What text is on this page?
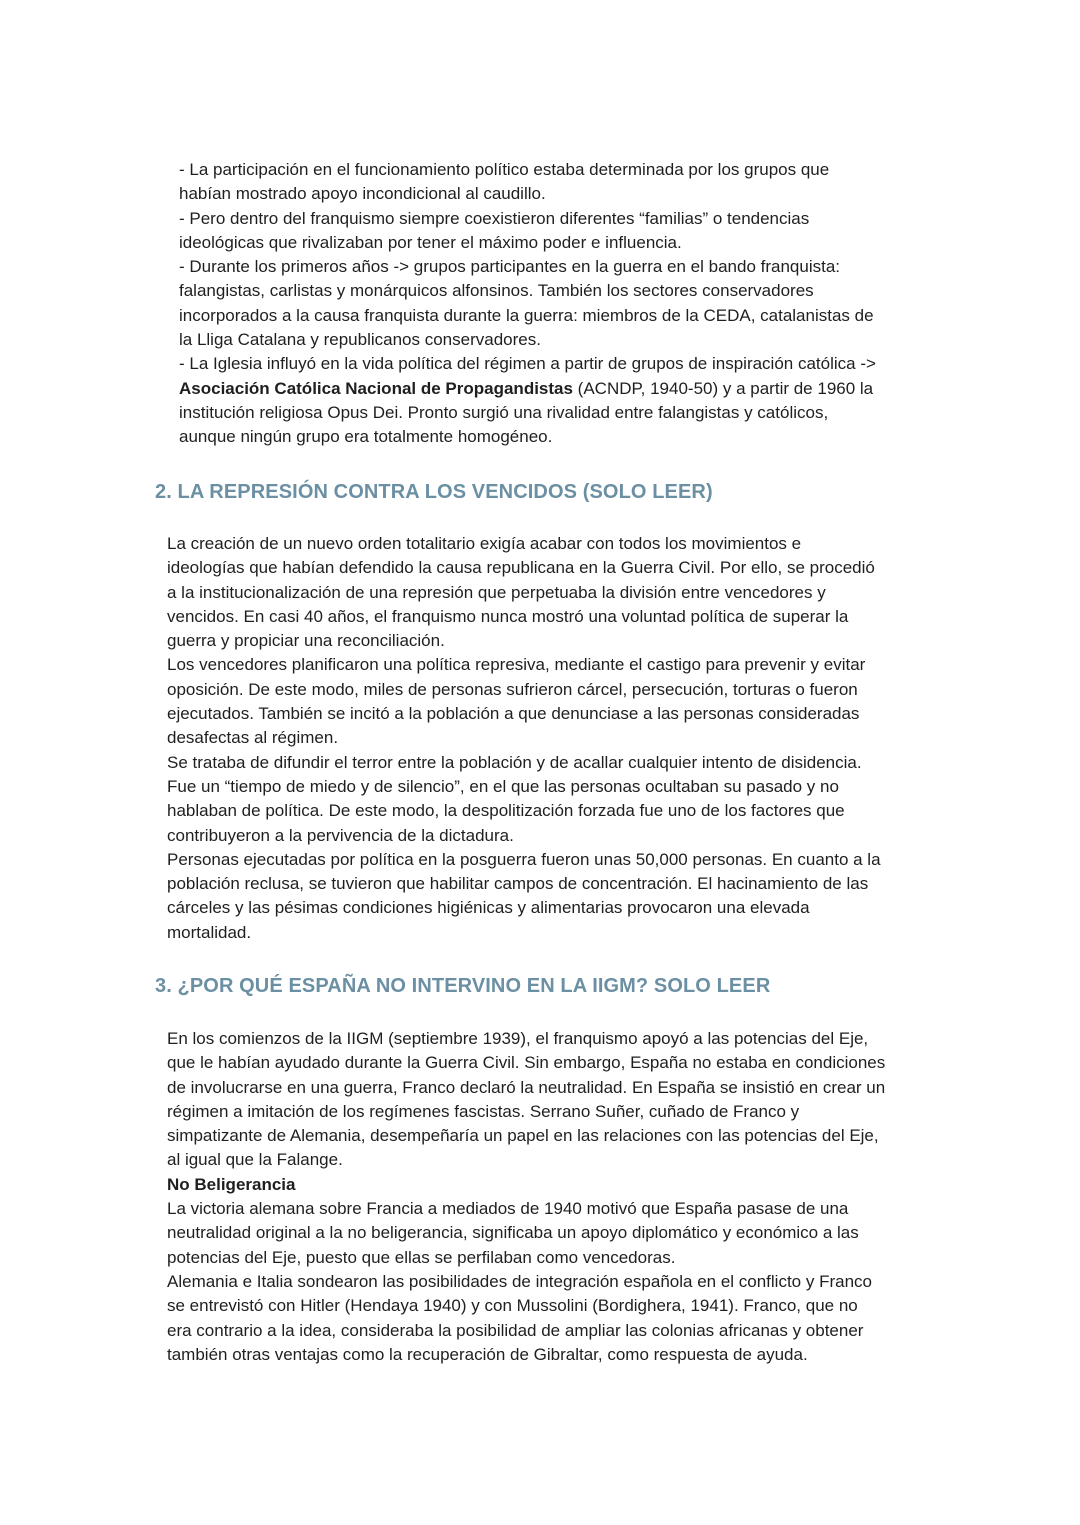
- La participación en el funcionamiento político estaba determinada por los grupos que
habían mostrado apoyo incondicional al caudillo.
- Pero dentro del franquismo siempre coexistieron diferentes “familias” o tendencias
ideológicas que rivalizaban por tener el máximo poder e influencia.
- Durante los primeros años -> grupos participantes en la guerra en el bando franquista:
falangistas, carlistas y monárquicos alfonsinos. También los sectores conservadores
incorporados a la causa franquista durante la guerra: miembros de la CEDA, catalanistas de
la Lliga Catalana y republicanos conservadores.
- La Iglesia influyó en la vida política del régimen a partir de grupos de inspiración católica ->
Asociación Católica Nacional de Propagandistas (ACNDP, 1940-50) y a partir de 1960 la
institución religiosa Opus Dei. Pronto surgió una rivalidad entre falangistas y católicos,
aunque ningún grupo era totalmente homogéneo.
2. LA REPRESIÓN CONTRA LOS VENCIDOS (SOLO LEER)
La creación de un nuevo orden totalitario exigía acabar con todos los movimientos e
ideologías que habían defendido la causa republicana en la Guerra Civil. Por ello, se procedió
a la institucionalización de una represión que perpetuaba la división entre vencedores y
vencidos. En casi 40 años, el franquismo nunca mostró una voluntad política de superar la
guerra y propiciar una reconciliación.
Los vencedores planificaron una política represiva, mediante el castigo para prevenir y evitar
oposición. De este modo, miles de personas sufrieron cárcel, persecución, torturas o fueron
ejecutados. También se incitó a la población a que denunciase a las personas consideradas
desafectas al régimen.
Se trataba de difundir el terror entre la población y de acallar cualquier intento de disidencia.
Fue un “tiempo de miedo y de silencio”, en el que las personas ocultaban su pasado y no
hablaban de política. De este modo, la despolitización forzada fue uno de los factores que
contribuyeron a la pervivencia de la dictadura.
Personas ejecutadas por política en la posguerra fueron unas 50,000 personas. En cuanto a la
población reclusa, se tuvieron que habilitar campos de concentración. El hacinamiento de las
cárceles y las pésimas condiciones higiénicas y alimentarias provocaron una elevada
mortalidad.
3. ¿POR QUÉ ESPAÑA NO INTERVINO EN LA IIGM? SOLO LEER
En los comienzos de la IIGM (septiembre 1939), el franquismo apoyó a las potencias del Eje,
que le habían ayudado durante la Guerra Civil. Sin embargo, España no estaba en condiciones
de involucrarse en una guerra, Franco declaró la neutralidad. En España se insistió en crear un
régimen a imitación de los regímenes fascistas. Serrano Suñer, cuñado de Franco y
simpatizante de Alemania, desempeñaría un papel en las relaciones con las potencias del Eje,
al igual que la Falange.
No Beligerancia
La victoria alemana sobre Francia a mediados de 1940 motivó que España pasase de una
neutralidad original a la no beligerancia, significaba un apoyo diplomático y económico a las
potencias del Eje, puesto que ellas se perfilaban como vencedoras.
Alemania e Italia sondearon las posibilidades de integración española en el conflicto y Franco
se entrevistó con Hitler (Hendaya 1940) y con Mussolini (Bordighera, 1941). Franco, que no
era contrario a la idea, consideraba la posibilidad de ampliar las colonias africanas y obtener
también otras ventajas como la recuperación de Gibraltar, como respuesta de ayuda.
